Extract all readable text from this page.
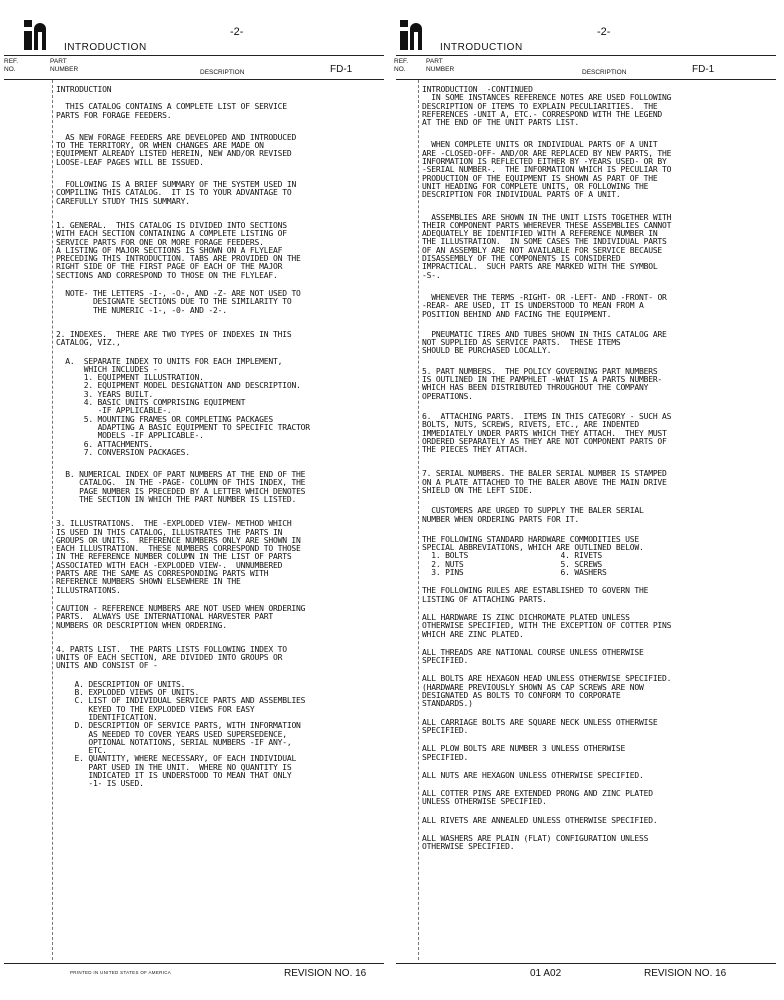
-2-
INTRODUCTION
REF.
NO.
PART
NUMBER	DESCRIPTION	FD-1

INTRODUCTION

THIS CATALOG CONTAINS A COMPLETE LIST OF SERVICE
PARTS FOR FORAGE FEEDERS.

AS NEW FORAGE FEEDERS ARE DEVELOPED AND INTRODUCED
TO THE TERRITORY, OR WHEN CHANGES ARE MADE ON
EQUIPMENT ALREADY LISTED HEREIN, NEW AND/OR REVISED
LOOSE-LEAF PAGES WILL BE ISSUED.

FOLLOWING IS A BRIEF SUMMARY OF THE SYSTEM USED IN
COMPILING THIS CATALOG.  IT IS TO YOUR ADVANTAGE TO
CAREFULLY STUDY THIS SUMMARY.

1. GENERAL.  THIS CATALOG IS DIVIDED INTO SECTIONS
WITH EACH SECTION CONTAINING A COMPLETE LISTING OF
SERVICE PARTS FOR ONE OR MORE FORAGE FEEDERS.
A LISTING OF MAJOR SECTIONS IS SHOWN ON A FLYLEAF
PRECEDING THIS INTRODUCTION. TABS ARE PROVIDED ON THE
RIGHT SIDE OF THE FIRST PAGE OF EACH OF THE MAJOR
SECTIONS AND CORRESPOND TO THOSE ON THE FLYLEAF.

NOTE- THE LETTERS -I-, -O-, AND -Z- ARE NOT USED TO
DESIGNATE SECTIONS DUE TO THE SIMILARITY TO
THE NUMERIC -1-, -0- AND -2-.

2. INDEXES.  THERE ARE TWO TYPES OF INDEXES IN THIS
CATALOG, VIZ.,

A.  SEPARATE INDEX TO UNITS FOR EACH IMPLEMENT,
WHICH INCLUDES -
1. EQUIPMENT ILLUSTRATION.
2. EQUIPMENT MODEL DESIGNATION AND DESCRIPTION.
3. YEARS BUILT.
4. BASIC UNITS COMPRISING EQUIPMENT
-IF APPLICABLE-.
5. MOUNTING FRAMES OR COMPLETING PACKAGES
ADAPTING A BASIC EQUIPMENT TO SPECIFIC TRACTOR
MODELS -IF APPLICABLE-.
6. ATTACHMENTS.
7. CONVERSION PACKAGES.

B. NUMERICAL INDEX OF PART NUMBERS AT THE END OF THE
CATALOG.  IN THE -PAGE- COLUMN OF THIS INDEX, THE
PAGE NUMBER IS PRECEDED BY A LETTER WHICH DENOTES
THE SECTION IN WHICH THE PART NUMBER IS LISTED.

3. ILLUSTRATIONS.  THE -EXPLODED VIEW- METHOD WHICH
IS USED IN THIS CATALOG, ILLUSTRATES THE PARTS IN
GROUPS OR UNITS.  REFERENCE NUMBERS ONLY ARE SHOWN IN
EACH ILLUSTRATION.  THESE NUMBERS CORRESPOND TO THOSE
IN THE REFERENCE NUMBER COLUMN IN THE LIST OF PARTS
ASSOCIATED WITH EACH -EXPLODED VIEW-.  UNNUMBERED
PARTS ARE THE SAME AS CORRESPONDING PARTS WITH
REFERENCE NUMBERS SHOWN ELSEWHERE IN THE
ILLUSTRATIONS.

CAUTION - REFERENCE NUMBERS ARE NOT USED WHEN ORDERING
PARTS.  ALWAYS USE INTERNATIONAL HARVESTER PART
NUMBERS OR DESCRIPTION WHEN ORDERING.

4. PARTS LIST.  THE PARTS LISTS FOLLOWING INDEX TO
UNITS OF EACH SECTION, ARE DIVIDED INTO GROUPS OR
UNITS AND CONSIST OF -

A. DESCRIPTION OF UNITS.
B. EXPLODED VIEWS OF UNITS.
C. LIST OF INDIVIDUAL SERVICE PARTS AND ASSEMBLIES
KEYED TO THE EXPLODED VIEWS FOR EASY
IDENTIFICATION.
D. DESCRIPTION OF SERVICE PARTS, WITH INFORMATION
AS NEEDED TO COVER YEARS USED SUPERSEDENCE,
OPTIONAL NOTATIONS, SERIAL NUMBERS -IF ANY-,
ETC.
E. QUANTITY, WHERE NECESSARY, OF EACH INDIVIDUAL
PART USED IN THE UNIT.  WHERE NO QUANTITY IS
INDICATED IT IS UNDERSTOOD TO MEAN THAT ONLY
-1- IS USED.

PRINTED IN UNITED STATES OF AMERICA	REVISION NO. 16
-2-
INTRODUCTION
REF.
NO.
PART
NUMBER	DESCRIPTION	FD-1

INTRODUCTION  -CONTINUED
IN SOME INSTANCES REFERENCE NOTES ARE USED FOLLOWING
DESCRIPTION OF ITEMS TO EXPLAIN PECULIARITIES.  THE
REFERENCES -UNIT A, ETC.- CORRESPOND WITH THE LEGEND
AT THE END OF THE UNIT PARTS LIST.

WHEN COMPLETE UNITS OR INDIVIDUAL PARTS OF A UNIT
ARE -CLOSED-OFF- AND/OR ARE REPLACED BY NEW PARTS, THE
INFORMATION IS REFLECTED EITHER BY -YEARS USED- OR BY
-SERIAL NUMBER-.  THE INFORMATION WHICH IS PECULIAR TO
PRODUCTION OF THE EQUIPMENT IS SHOWN AS PART OF THE
UNIT HEADING FOR COMPLETE UNITS, OR FOLLOWING THE
DESCRIPTION FOR INDIVIDUAL PARTS OF A UNIT.

ASSEMBLIES ARE SHOWN IN THE UNIT LISTS TOGETHER WITH
THEIR COMPONENT PARTS WHEREVER THESE ASSEMBLIES CANNOT
ADEQUATELY BE IDENTIFIED WITH A REFERENCE NUMBER IN
THE ILLUSTRATION.  IN SOME CASES THE INDIVIDUAL PARTS
OF AN ASSEMBLY ARE NOT AVAILABLE FOR SERVICE BECAUSE
DISASSEMBLY OF THE COMPONENTS IS CONSIDERED
IMPRACTICAL.  SUCH PARTS ARE MARKED WITH THE SYMBOL
-S-.

WHENEVER THE TERMS -RIGHT- OR -LEFT- AND -FRONT- OR
-REAR- ARE USED, IT IS UNDERSTOOD TO MEAN FROM A
POSITION BEHIND AND FACING THE EQUIPMENT.

PNEUMATIC TIRES AND TUBES SHOWN IN THIS CATALOG ARE
NOT SUPPLIED AS SERVICE PARTS.  THESE ITEMS
SHOULD BE PURCHASED LOCALLY.

5. PART NUMBERS.  THE POLICY GOVERNING PART NUMBERS
IS OUTLINED IN THE PAMPHLET -WHAT IS A PARTS NUMBER-
WHICH HAS BEEN DISTRIBUTED THROUGHOUT THE COMPANY
OPERATIONS.

6.  ATTACHING PARTS.  ITEMS IN THIS CATEGORY - SUCH AS
BOLTS, NUTS, SCREWS, RIVETS, ETC., ARE INDENTED
IMMEDIATELY UNDER PARTS WHICH THEY ATTACH.  THEY MUST
ORDERED SEPARATELY AS THEY ARE NOT COMPONENT PARTS OF
THE PIECES THEY ATTACH.

7. SERIAL NUMBERS. THE BALER SERIAL NUMBER IS STAMPED
ON A PLATE ATTACHED TO THE BALER ABOVE THE MAIN DRIVE
SHIELD ON THE LEFT SIDE.

CUSTOMERS ARE URGED TO SUPPLY THE BALER SERIAL
NUMBER WHEN ORDERING PARTS FOR IT.

THE FOLLOWING STANDARD HARDWARE COMMODITIES USE
SPECIAL ABBREVIATIONS, WHICH ARE OUTLINED BELOW.
1. BOLTS                    4. RIVETS
2. NUTS                     5. SCREWS
3. PINS                     6. WASHERS

THE FOLLOWING RULES ARE ESTABLISHED TO GOVERN THE
LISTING OF ATTACHING PARTS.

ALL HARDWARE IS ZINC DICHROMATE PLATED UNLESS
OTHERWISE SPECIFIED, WITH THE EXCEPTION OF COTTER PINS
WHICH ARE ZINC PLATED.

ALL THREADS ARE NATIONAL COURSE UNLESS OTHERWISE
SPECIFIED.

ALL BOLTS ARE HEXAGON HEAD UNLESS OTHERWISE SPECIFIED.
(HARDWARE PREVIOUSLY SHOWN AS CAP SCREWS ARE NOW
DESIGNATED AS BOLTS TO CONFORM TO CORPORATE
STANDARDS.)

ALL CARRIAGE BOLTS ARE SQUARE NECK UNLESS OTHERWISE
SPECIFIED.

ALL PLOW BOLTS ARE NUMBER 3 UNLESS OTHERWISE
SPECIFIED.

ALL NUTS ARE HEXAGON UNLESS OTHERWISE SPECIFIED.

ALL COTTER PINS ARE EXTENDED PRONG AND ZINC PLATED
UNLESS OTHERWISE SPECIFIED.

ALL RIVETS ARE ANNEALED UNLESS OTHERWISE SPECIFIED.

ALL WASHERS ARE PLAIN (FLAT) CONFIGURATION UNLESS
OTHERWISE SPECIFIED.

01 A02	REVISION NO. 16
